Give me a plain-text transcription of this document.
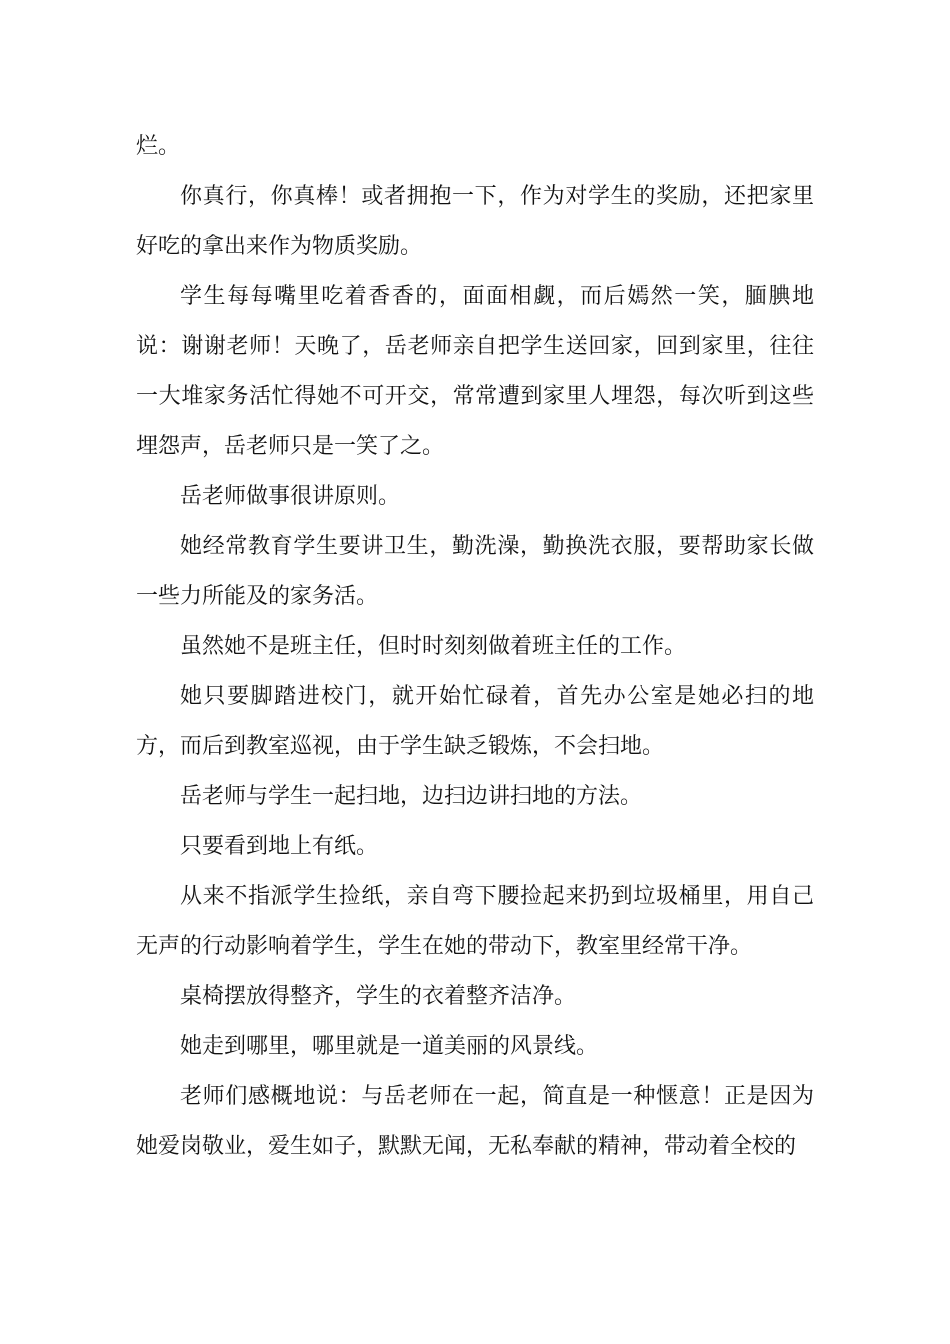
烂。

你真行，你真棒！或者拥抱一下，作为对学生的奖励，还把家里好吃的拿出来作为物质奖励。

学生每每嘴里吃着香香的，面面相觑，而后嫣然一笑，腼腆地说：谢谢老师！天晚了，岳老师亲自把学生送回家，回到家里，往往一大堆家务活忙得她不可开交，常常遭到家里人埋怨，每次听到这些埋怨声，岳老师只是一笑了之。

岳老师做事很讲原则。

她经常教育学生要讲卫生，勤洗澡，勤换洗衣服，要帮助家长做一些力所能及的家务活。

虽然她不是班主任，但时时刻刻做着班主任的工作。

她只要脚踏进校门，就开始忙碌着，首先办公室是她必扫的地方，而后到教室巡视，由于学生缺乏锻炼，不会扫地。

岳老师与学生一起扫地，边扫边讲扫地的方法。

只要看到地上有纸。

从来不指派学生捡纸，亲自弯下腰捡起来扔到垃圾桶里，用自己无声的行动影响着学生，学生在她的带动下，教室里经常干净。

桌椅摆放得整齐，学生的衣着整齐洁净。

她走到哪里，哪里就是一道美丽的风景线。

老师们感概地说：与岳老师在一起，简直是一种惬意！正是因为她爱岗敬业，爱生如子，默默无闻，无私奉献的精神，带动着全校的
